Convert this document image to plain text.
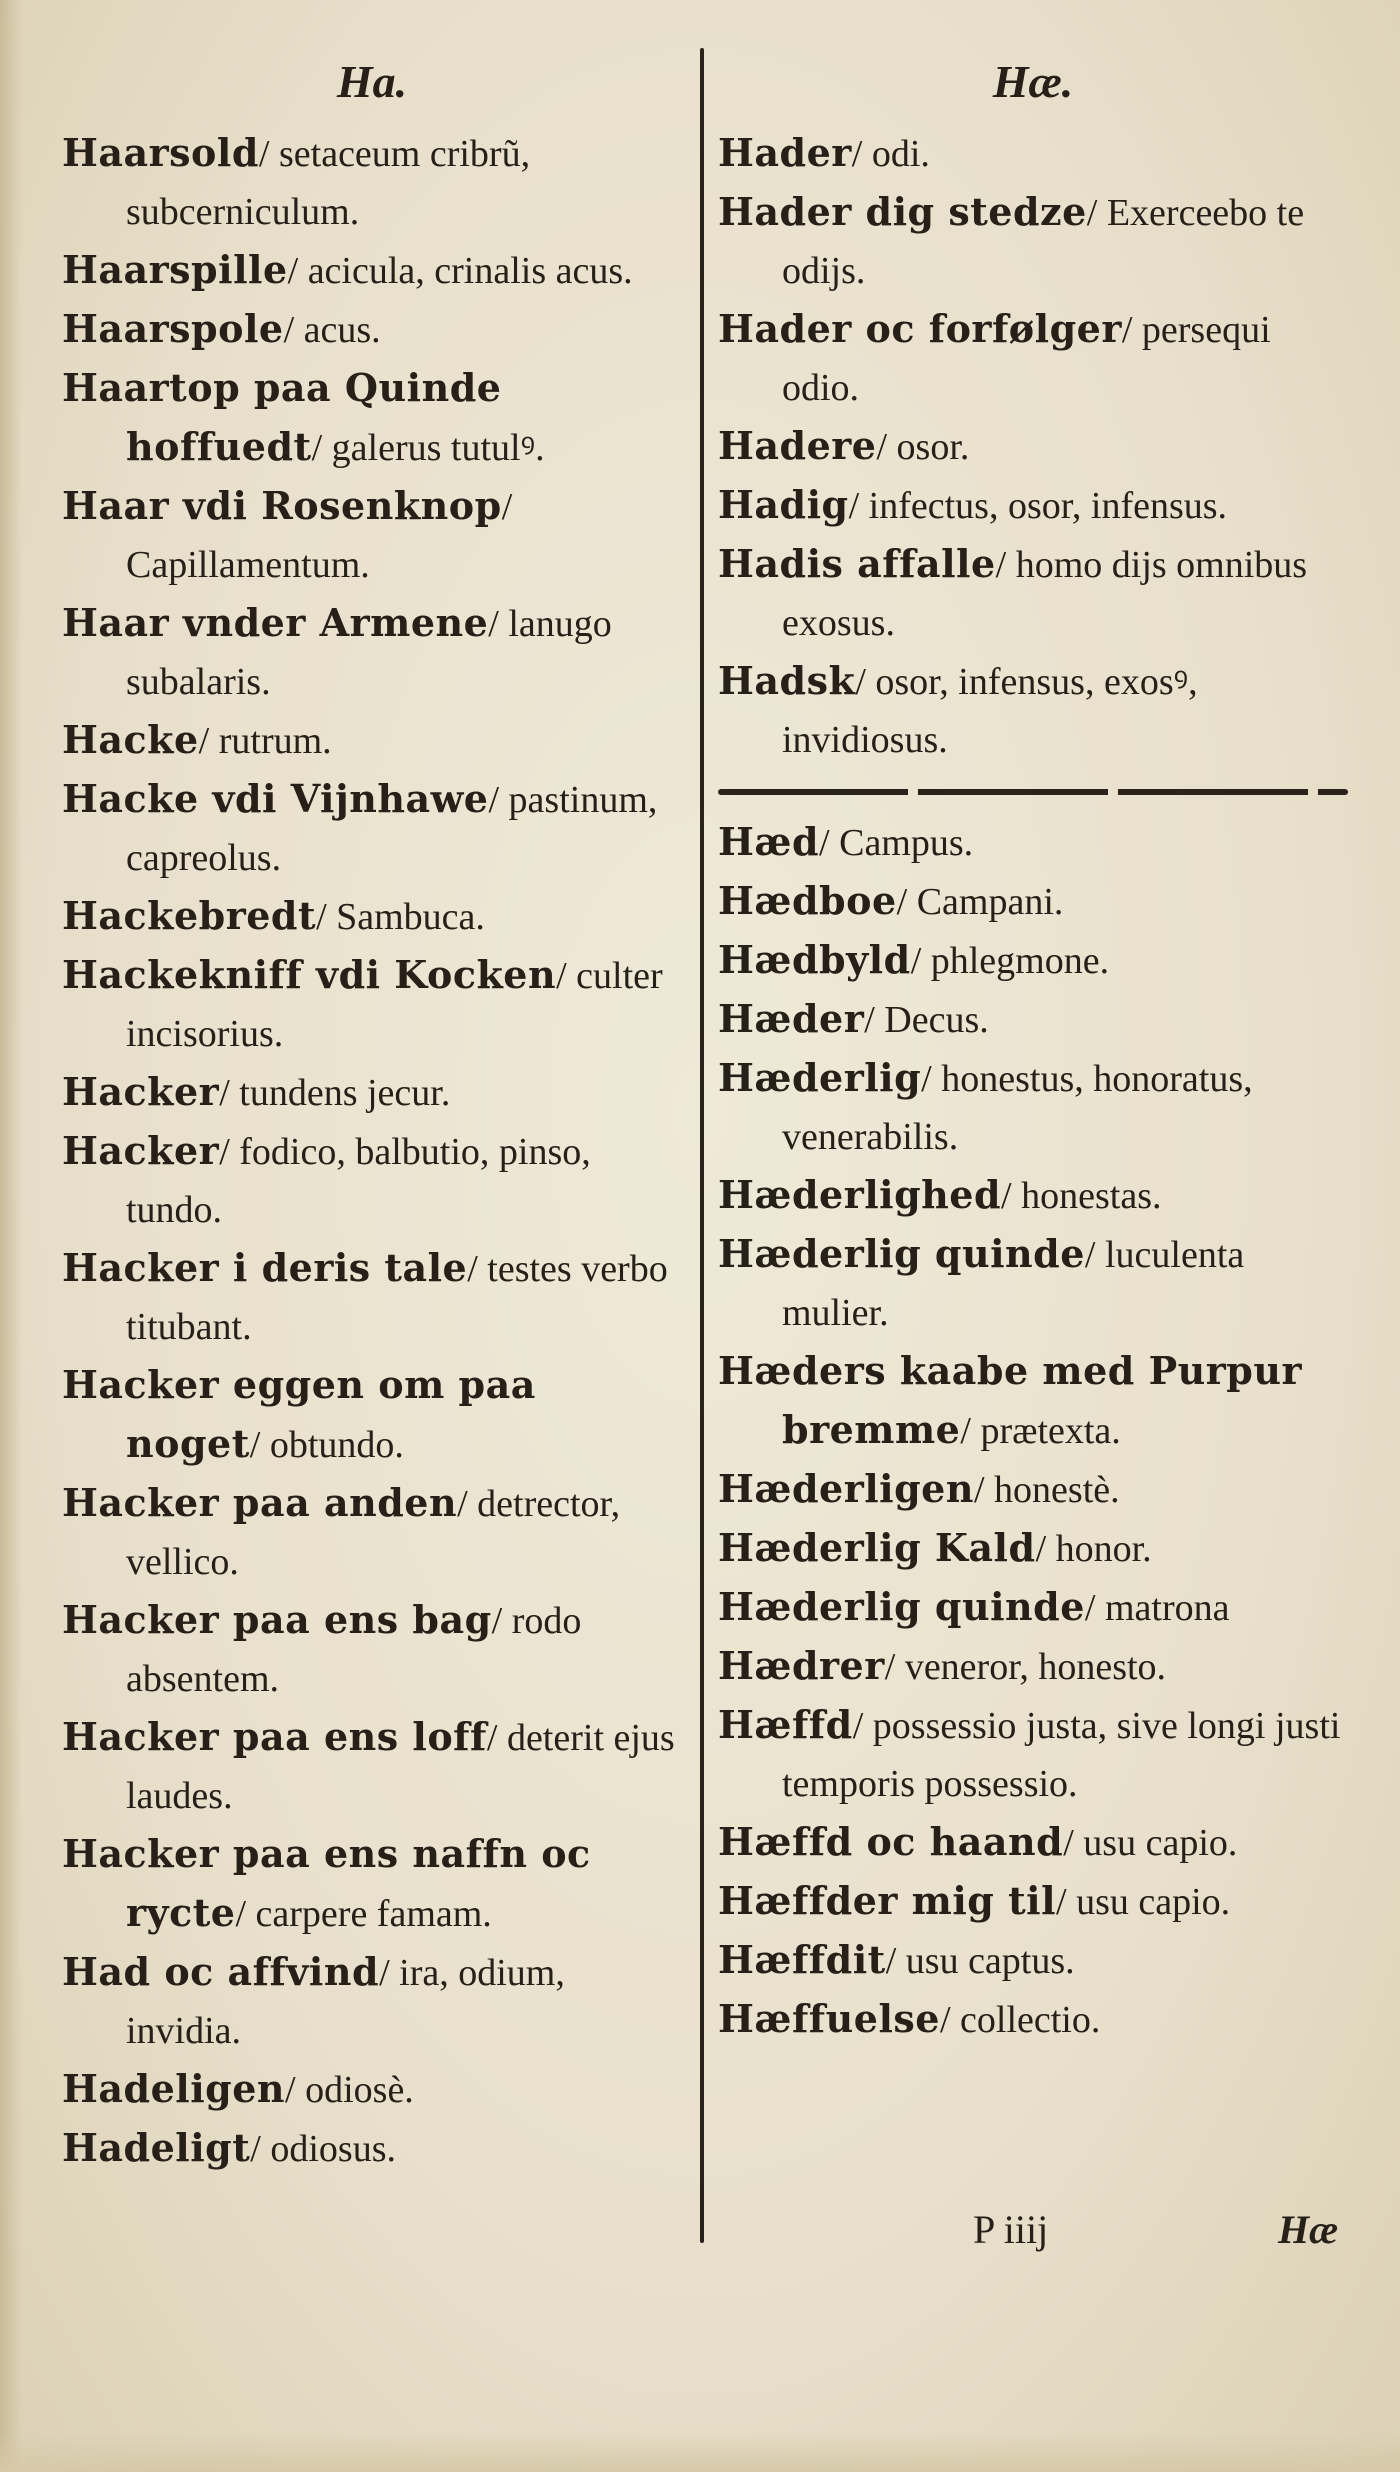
Ha.

Haarsold/ setaceum cribrũ, subcerniculum.

Haarspille/ acicula, crinalis acus.

Haarspole/ acus.

Haartop paa Quinde hoffuedt/ galerus tutulꝰ.

Haar vdi Rosenknop/ Capillamentum.

Haar vnder Armene/ lanugo subalaris.

Hacke/ rutrum.

Hacke vdi Vijnhawe/ pastinum, capreolus.

Hackebredt/ Sambuca.

Hackekniff vdi Kocken/ culter incisorius.

Hacker/ tundens jecur.

Hacker/ fodico, balbutio, pinso, tundo.

Hacker i deris tale/ testes verbo titubant.

Hacker eggen om paa noget/ obtundo.

Hacker paa anden/ detrector, vellico.

Hacker paa ens bag/ rodo absentem.

Hacker paa ens loff/ deterit ejus laudes.

Hacker paa ens naffn oc rycte/ carpere famam.

Had oc affvind/ ira, odium, invidia.

Hadeligen/ odiosè.

Hadeligt/ odiosus.

Hæ.

Hader/ odi.

Hader dig stedze/ Exerceebo te odijs.

Hader oc forfølger/ persequi odio.

Hadere/ osor.

Hadig/ infectus, osor, infensus.

Hadis affalle/ homo dijs omnibus exosus.

Hadsk/ osor, infensus, exosꝰ, invidiosus.

Hæd/ Campus.

Hædboe/ Campani.

Hædbyld/ phlegmone.

Hæder/ Decus.

Hæderlig/ honestus, honoratus, venerabilis.

Hæderlighed/ honestas.

Hæderlig quinde/ luculenta mulier.

Hæders kaabe med Purpur bremme/ prætexta.

Hæderligen/ honestè.

Hæderlig Kald/ honor.

Hæderlig quinde/ matrona

Hædrer/ veneror, honesto.

Hæffd/ possessio justa, sive longi justi temporis possessio.

Hæffd oc haand/ usu capio.

Hæffder mig til/ usu capio.

Hæffdit/ usu captus.

Hæffuelse/ collectio.

P iiij	Hæ
